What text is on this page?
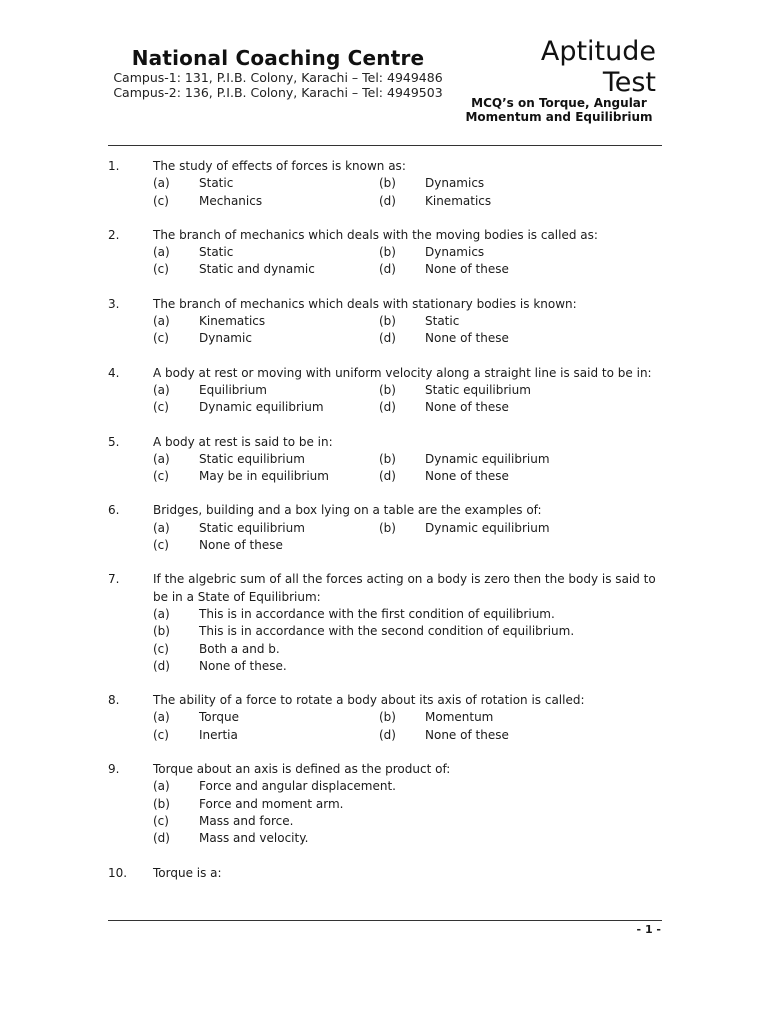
National Coaching Centre
Campus-1: 131, P.I.B. Colony, Karachi – Tel: 4949486
Campus-2: 136, P.I.B. Colony, Karachi – Tel: 4949503
Aptitude
Test
MCQ’s on Torque, Angular Momentum and Equilibrium
1.	The study of effects of forces is known as:
(a)	Static	(b)	Dynamics
(c)	Mechanics	(d)	Kinematics
2.	The branch of mechanics which deals with the moving bodies is called as:
(a)	Static	(b)	Dynamics
(c)	Static and dynamic	(d)	None of these
3.	The branch of mechanics which deals with stationary bodies is known:
(a)	Kinematics	(b)	Static
(c)	Dynamic	(d)	None of these
4.	A body at rest or moving with uniform velocity along a straight line is said to be in:
(a)	Equilibrium	(b)	Static equilibrium
(c)	Dynamic equilibrium	(d)	None of these
5.	A body at rest is said to be in:
(a)	Static equilibrium	(b)	Dynamic equilibrium
(c)	May be in equilibrium	(d)	None of these
6.	Bridges, building and a box lying on a table are the examples of:
(a)	Static equilibrium	(b)	Dynamic equilibrium
(c)	None of these
7.	If the algebric sum of all the forces acting on a body is zero then the body is said to be in a State of Equilibrium:
(a)	This is in accordance with the first condition of equilibrium.
(b)	This is in accordance with the second condition of equilibrium.
(c)	Both a and b.
(d)	None of these.
8.	The ability of a force to rotate a body about its axis of rotation is called:
(a)	Torque	(b)	Momentum
(c)	Inertia	(d)	None of these
9.	Torque about an axis is defined as the product of:
(a)	Force and angular displacement.
(b)	Force and moment arm.
(c)	Mass and force.
(d)	Mass and velocity.
10.	Torque is a:
- 1 -
